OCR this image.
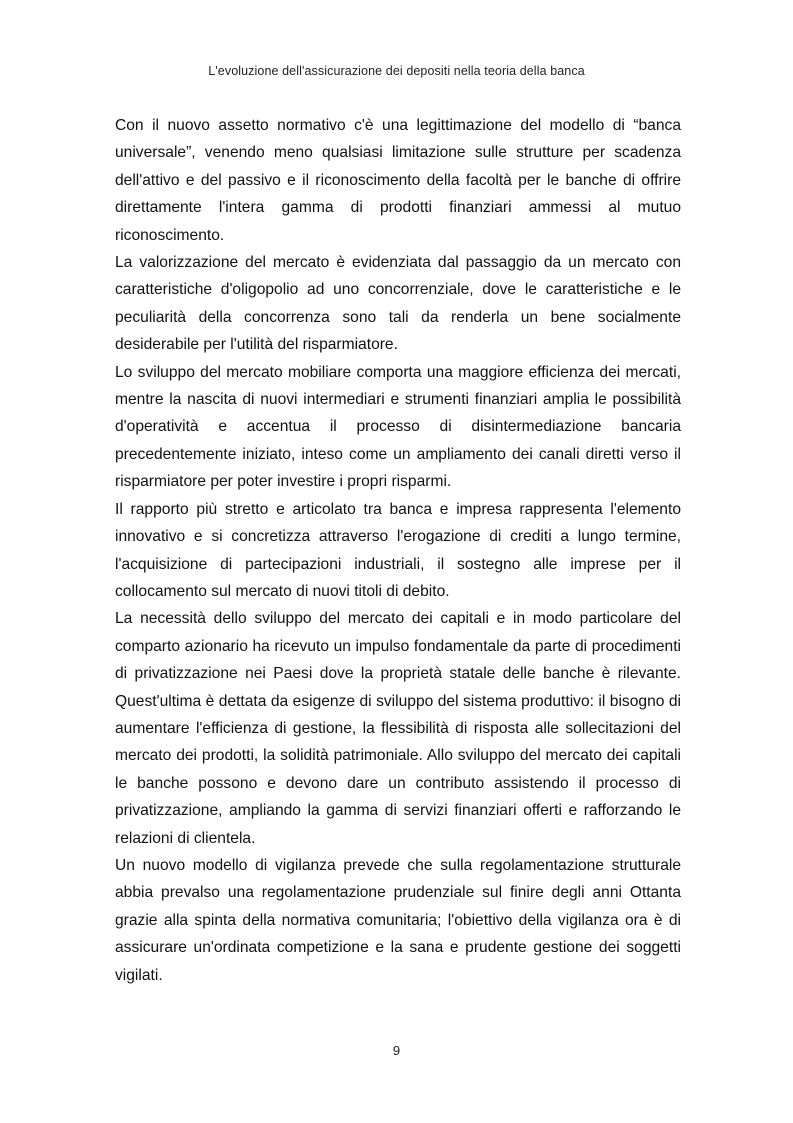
L'evoluzione dell'assicurazione dei depositi nella teoria della banca

Con il nuovo assetto normativo c'è una legittimazione del modello di “banca universale”, venendo meno qualsiasi limitazione sulle strutture per scadenza dell'attivo e del passivo e il riconoscimento della facoltà per le banche di offrire direttamente l'intera gamma di prodotti finanziari ammessi al mutuo riconoscimento.

La valorizzazione del mercato è evidenziata dal passaggio da un mercato con caratteristiche d'oligopolio ad uno concorrenziale, dove le caratteristiche e le peculiarità della concorrenza sono tali da renderla un bene socialmente desiderabile per l'utilità del risparmiatore.

Lo sviluppo del mercato mobiliare comporta una maggiore efficienza dei mercati, mentre la nascita di nuovi intermediari e strumenti finanziari amplia le possibilità d'operatività e accentua il processo di disintermediazione bancaria precedentemente iniziato, inteso come un ampliamento dei canali diretti verso il risparmiatore per poter investire i propri risparmi.

Il rapporto più stretto e articolato tra banca e impresa rappresenta l'elemento innovativo e si concretizza attraverso l'erogazione di crediti a lungo termine, l'acquisizione di partecipazioni industriali, il sostegno alle imprese per il collocamento sul mercato di nuovi titoli di debito.

La necessità dello sviluppo del mercato dei capitali e in modo particolare del comparto azionario ha ricevuto un impulso fondamentale da parte di procedimenti di privatizzazione nei Paesi dove la proprietà statale delle banche è rilevante. Quest'ultima è dettata da esigenze di sviluppo del sistema produttivo: il bisogno di aumentare l'efficienza di gestione, la flessibilità di risposta alle sollecitazioni del mercato dei prodotti, la solidità patrimoniale. Allo sviluppo del mercato dei capitali le banche possono e devono dare un contributo assistendo il processo di privatizzazione, ampliando la gamma di servizi finanziari offerti e rafforzando le relazioni di clientela.

Un nuovo modello di vigilanza prevede che sulla regolamentazione strutturale abbia prevalso una regolamentazione prudenziale sul finire degli anni Ottanta grazie alla spinta della normativa comunitaria; l'obiettivo della vigilanza ora è di assicurare un'ordinata competizione e la sana e prudente gestione dei soggetti vigilati.

9
